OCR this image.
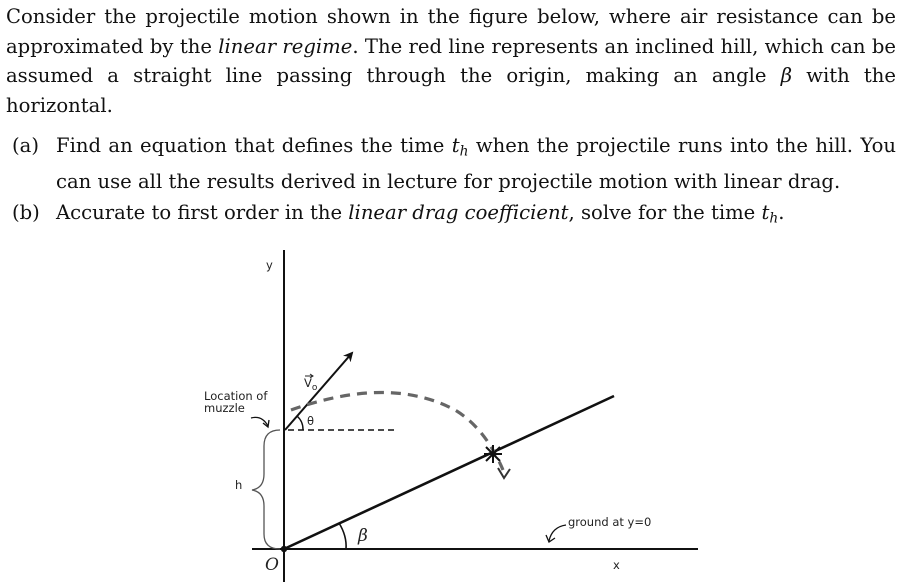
Consider the projectile motion shown in the figure below, where air resistance can be approximated by the linear regime. The red line represents an inclined hill, which can be assumed a straight line passing through the origin, making an angle β with the horizontal.
(a) Find an equation that defines the time $t_h$ when the projectile runs into the hill. You can use all the results derived in lecture for projectile motion with linear drag.
(b) Accurate to first order in the linear drag coefficient, solve for the time $t_h$.
y
x
Location of
muzzle
$V_o$
θ
h
β
O
ground at y=0
